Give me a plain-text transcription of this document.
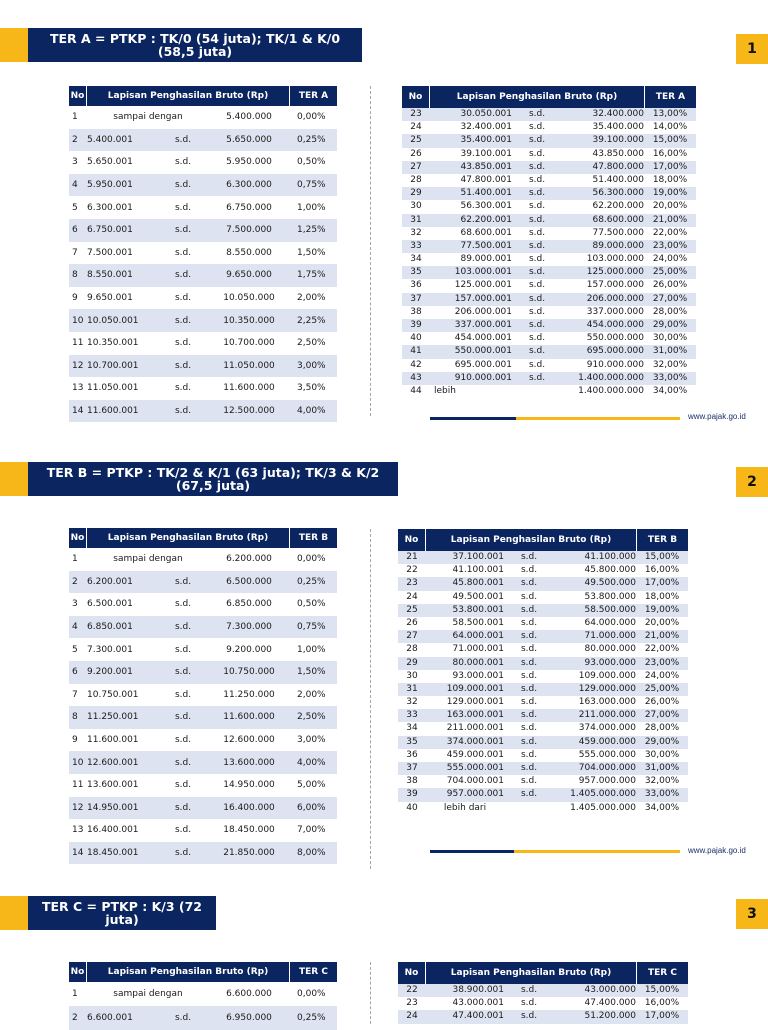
TER A = PTKP : TK/0 (54 juta); TK/1 & K/0
(58,5 juta)	1
No	Lapisan Penghasilan Bruto (Rp)	TER A
1	sampai dengan	5.400.000	0,00%
2	5.400.001	s.d.	5.650.000	0,25%
3	5.650.001	s.d.	5.950.000	0,50%
4	5.950.001	s.d.	6.300.000	0,75%
5	6.300.001	s.d.	6.750.000	1,00%
6	6.750.001	s.d.	7.500.000	1,25%
7	7.500.001	s.d.	8.550.000	1,50%
8	8.550.001	s.d.	9.650.000	1,75%
9	9.650.001	s.d.	10.050.000	2,00%
10 10.050.001	s.d.	10.350.000	2,25%
11 10.350.001	s.d.	10.700.000	2,50%
12 10.700.001	s.d.	11.050.000	3,00%
13 11.050.001	s.d.	11.600.000	3,50%
14 11.600.001	s.d.	12.500.000	4,00%
No	Lapisan Penghasilan Bruto (Rp)	TER A
23	30.050.001	s.d.	32.400.000 13,00%
24	32.400.001	s.d.	35.400.000 14,00%
25	35.400.001	s.d.	39.100.000 15,00%
26	39.100.001	s.d.	43.850.000 16,00%
27	43.850.001	s.d.	47.800.000 17,00%
28	47.800.001	s.d.	51.400.000 18,00%
29	51.400.001	s.d.	56.300.000 19,00%
30	56.300.001	s.d.	62.200.000 20,00%
31	62.200.001	s.d.	68.600.000 21,00%
32	68.600.001	s.d.	77.500.000 22,00%
33	77.500.001	s.d.	89.000.000 23,00%
34	89.000.001	s.d.	103.000.000 24,00%
35	103.000.001	s.d.	125.000.000 25,00%
36	125.000.001	s.d.	157.000.000 26,00%
37	157.000.001	s.d.	206.000.000 27,00%
38	206.000.001	s.d.	337.000.000 28,00%
39	337.000.001	s.d.	454.000.000 29,00%
40	454.000.001	s.d.	550.000.000 30,00%
41	550.000.001	s.d.	695.000.000 31,00%
42	695.000.001	s.d.	910.000.000 32,00%
43	910.000.001	s.d.	1.400.000.000 33,00%
44	lebih	1.400.000.000 34,00%
www.pajak.go.id
TER B = PTKP : TK/2 & K/1 (63 juta); TK/3 & K/2
(67,5 juta)	2
No	Lapisan Penghasilan Bruto (Rp)	TER B
1	sampai dengan	6.200.000	0,00%
2	6.200.001	s.d.	6.500.000	0,25%
3	6.500.001	s.d.	6.850.000	0,50%
4	6.850.001	s.d.	7.300.000	0,75%
5	7.300.001	s.d.	9.200.000	1,00%
6	9.200.001	s.d.	10.750.000	1,50%
7	10.750.001	s.d.	11.250.000	2,00%
8	11.250.001	s.d.	11.600.000	2,50%
9	11.600.001	s.d.	12.600.000	3,00%
10 12.600.001	s.d.	13.600.000	4,00%
11 13.600.001	s.d.	14.950.000	5,00%
12 14.950.001	s.d.	16.400.000	6,00%
13 16.400.001	s.d.	18.450.000	7,00%
14 18.450.001	s.d.	21.850.000	8,00%
No	Lapisan Penghasilan Bruto (Rp)	TER B
21	37.100.001	s.d.	41.100.000 15,00%
22	41.100.001	s.d.	45.800.000 16,00%
23	45.800.001	s.d.	49.500.000 17,00%
24	49.500.001	s.d.	53.800.000 18,00%
25	53.800.001	s.d.	58.500.000 19,00%
26	58.500.001	s.d.	64.000.000 20,00%
27	64.000.001	s.d.	71.000.000 21,00%
28	71.000.001	s.d.	80.000.000 22,00%
29	80.000.001	s.d.	93.000.000 23,00%
30	93.000.001	s.d.	109.000.000 24,00%
31	109.000.001	s.d.	129.000.000 25,00%
32	129.000.001	s.d.	163.000.000 26,00%
33	163.000.001	s.d.	211.000.000 27,00%
34	211.000.001	s.d.	374.000.000 28,00%
35	374.000.001	s.d.	459.000.000 29,00%
36	459.000.001	s.d.	555.000.000 30,00%
37	555.000.001	s.d.	704.000.000 31,00%
38	704.000.001	s.d.	957.000.000 32,00%
39	957.000.001	s.d.	1.405.000.000 33,00%
40	lebih dari	1.405.000.000 34,00%
www.pajak.go.id
TER C = PTKP : K/3 (72
juta)	3
No	Lapisan Penghasilan Bruto (Rp)	TER C
1	sampai dengan	6.600.000	0,00%
2	6.600.001	s.d.	6.950.000	0,25%
No	Lapisan Penghasilan Bruto (Rp)	TER C
22	38.900.001	s.d.	43.000.000 15,00%
23	43.000.001	s.d.	47.400.000 16,00%
24	47.400.001	s.d.	51.200.000 17,00%
